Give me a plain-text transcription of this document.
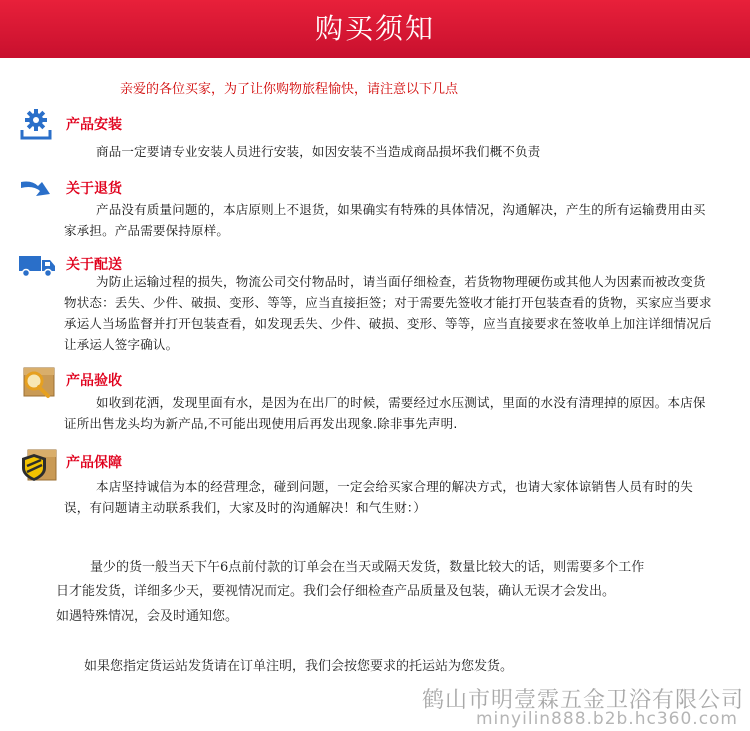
购买须知
亲爱的各位买家，为了让你购物旅程愉快，请注意以下几点
产品安装
商品一定要请专业安装人员进行安装，如因安装不当造成商品损坏我们概不负责
关于退货
产品没有质量问题的，本店原则上不退货，如果确实有特殊的具体情况，沟通解决，产生的所有运输费用由买家承担。产品需要保持原样。
关于配送
为防止运输过程的损失，物流公司交付物品时，请当面仔细检查，若货物物理硬伤或其他人为因素而被改变货物状态：丢失、少件、破损、变形、等等，应当直接拒签；对于需要先签收才能打开包装查看的货物，买家应当要求承运人当场监督并打开包装查看，如发现丢失、少件、破损、变形、等等，应当直接要求在签收单上加注详细情况后让承运人签字确认。
产品验收
如收到花洒，发现里面有水，是因为在出厂的时候，需要经过水压测试，里面的水没有清理掉的原因。本店保证所出售龙头均为新产品,不可能出现使用后再发出现象.除非事先声明.
产品保障
本店坚持诚信为本的经营理念，碰到问题，一定会给买家合理的解决方式，也请大家体谅销售人员有时的失误，有问题请主动联系我们，大家及时的沟通解决！和气生财：）
量少的货一般当天下午6点前付款的订单会在当天或隔天发货，数量比较大的话，则需要多个工作
日才能发货，详细多少天，要视情况而定。我们会仔细检查产品质量及包装，确认无误才会发出。
如遇特殊情况，会及时通知您。
如果您指定货运站发货请在订单注明，我们会按您要求的托运站为您发货。
鹤山市明壹霖五金卫浴有限公司
minyilin888.b2b.hc360.com
